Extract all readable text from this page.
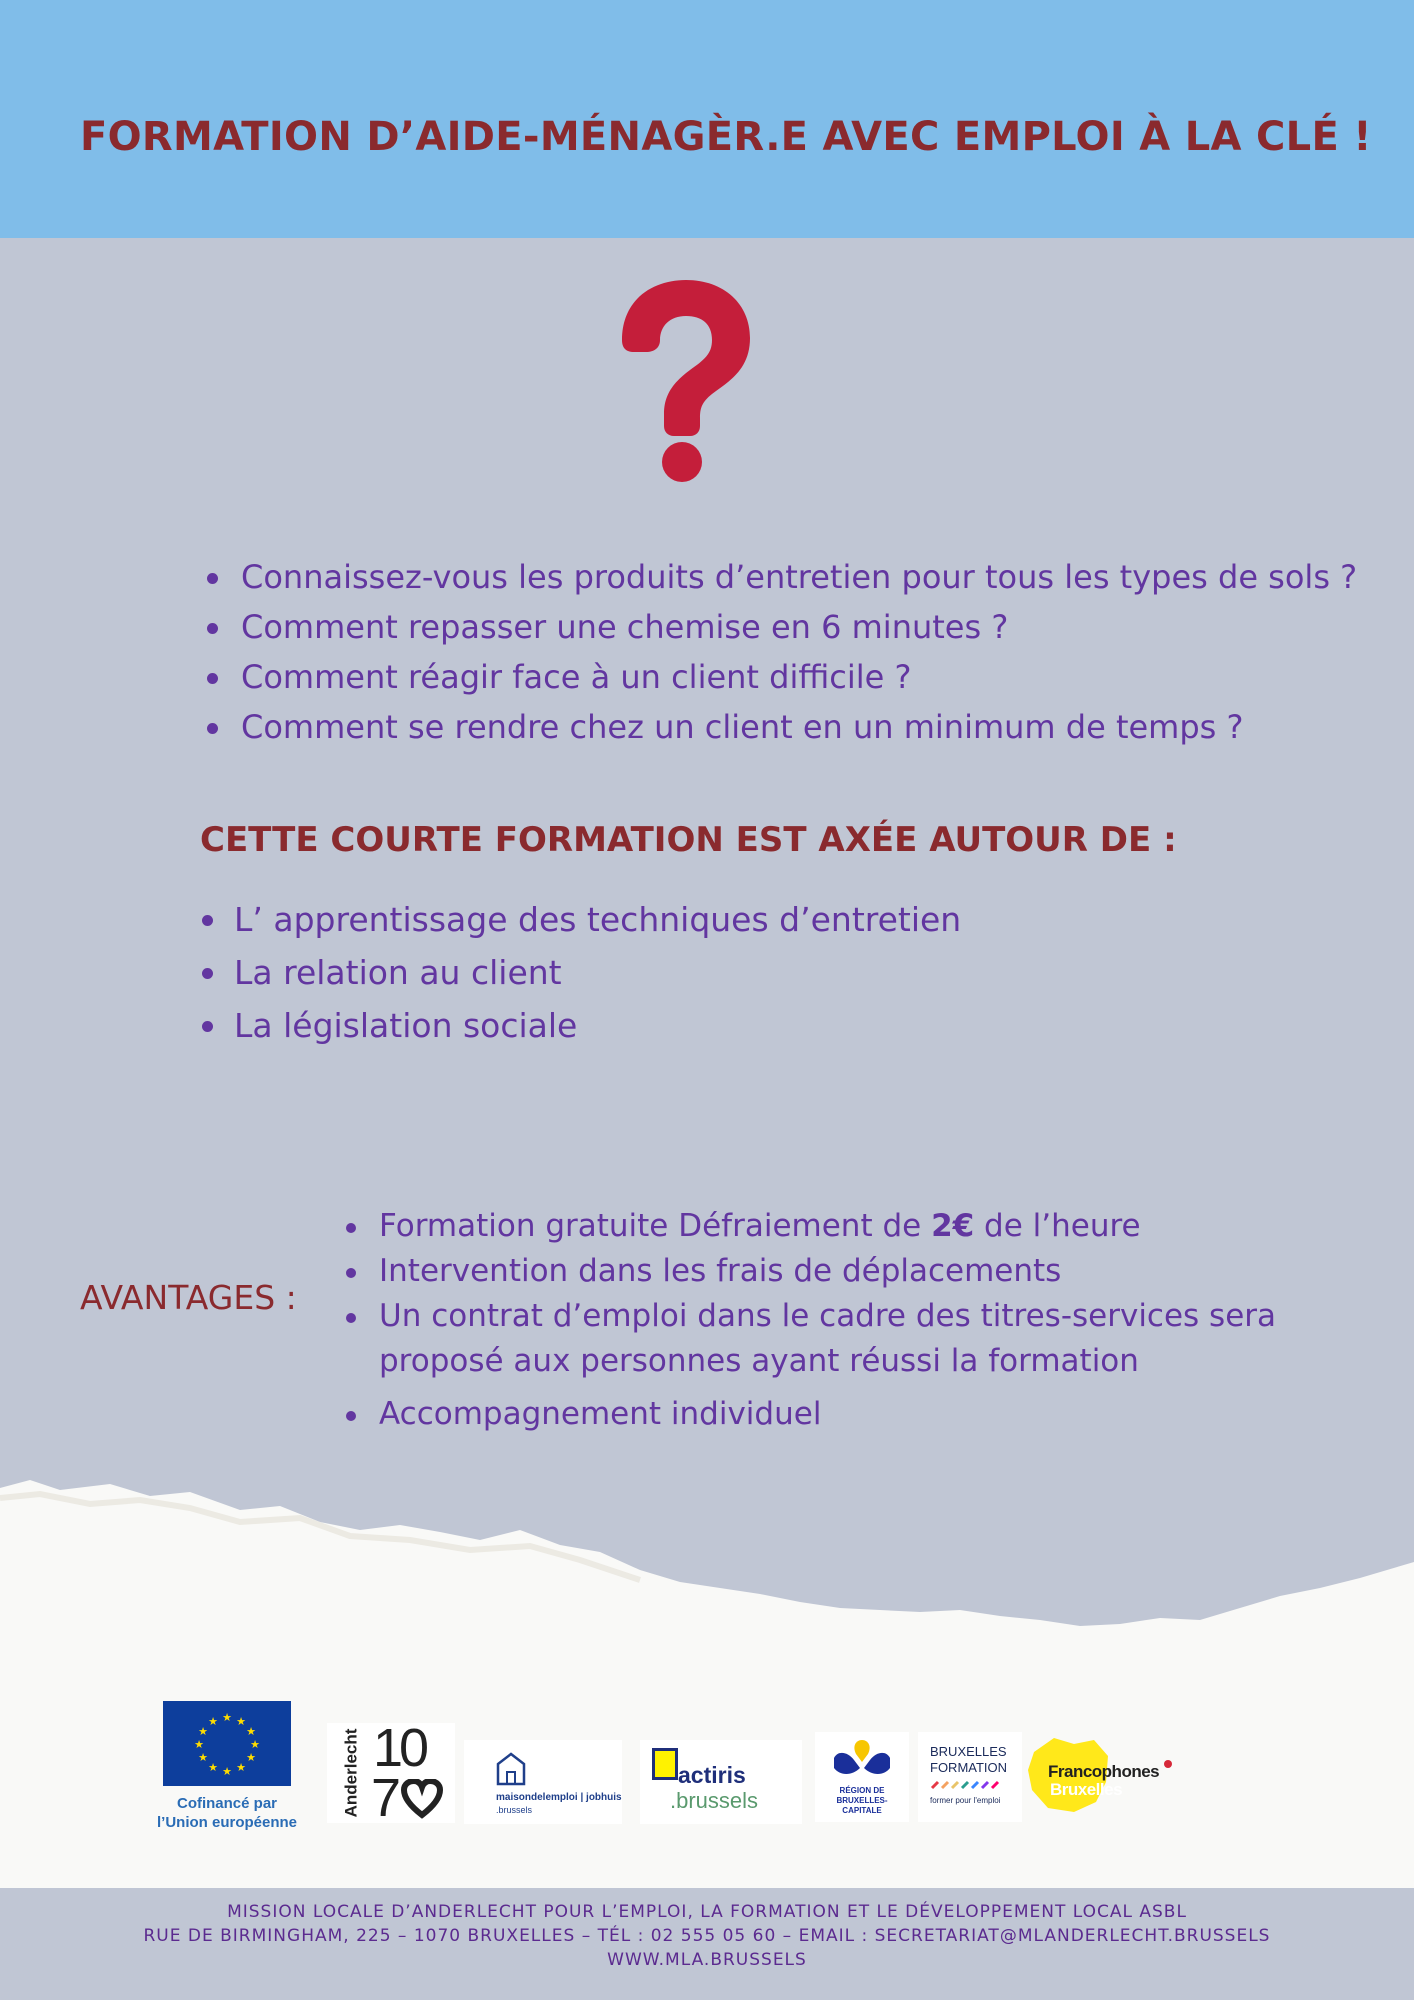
FORMATION D’AIDE-MÉNAGÈR.E AVEC EMPLOI À LA CLÉ !
Connaissez-vous les produits d’entretien pour tous les types de sols ?
Comment repasser une chemise en 6 minutes ?
Comment réagir face à un client difficile ?
Comment se rendre chez un client en un minimum de temps ?
CETTE COURTE FORMATION EST AXÉE AUTOUR DE :
L’ apprentissage des techniques d’entretien
La relation au client
La législation sociale
AVANTAGES :
Formation gratuite Défraiement de 2€ de l’heure
Intervention dans les frais de déplacements
Un contrat d’emploi dans le cadre des titres-services sera proposé aux personnes ayant réussi la formation
Accompagnement individuel
★ ★
★
★
★
★
★
★
★
★
★
★
Cofinancé par
l’Union européenne
Anderlecht 10
7	maisondelemploi | jobhuis
.brussels
actiris
.brussels	RÉGION DE
BRUXELLES-
CAPITALE
BRUXELLES
FORMATION
former pour l'emploi
Francophones
Bruxelles

MISSION LOCALE D’ANDERLECHT POUR L’EMPLOI, LA FORMATION ET LE DÉVELOPPEMENT LOCAL ASBL

RUE DE BIRMINGHAM, 225 – 1070 BRUXELLES – TÉL : 02 555 05 60 – EMAIL : SECRETARIAT@MLANDERLECHT.BRUSSELS

WWW.MLA.BRUSSELS
